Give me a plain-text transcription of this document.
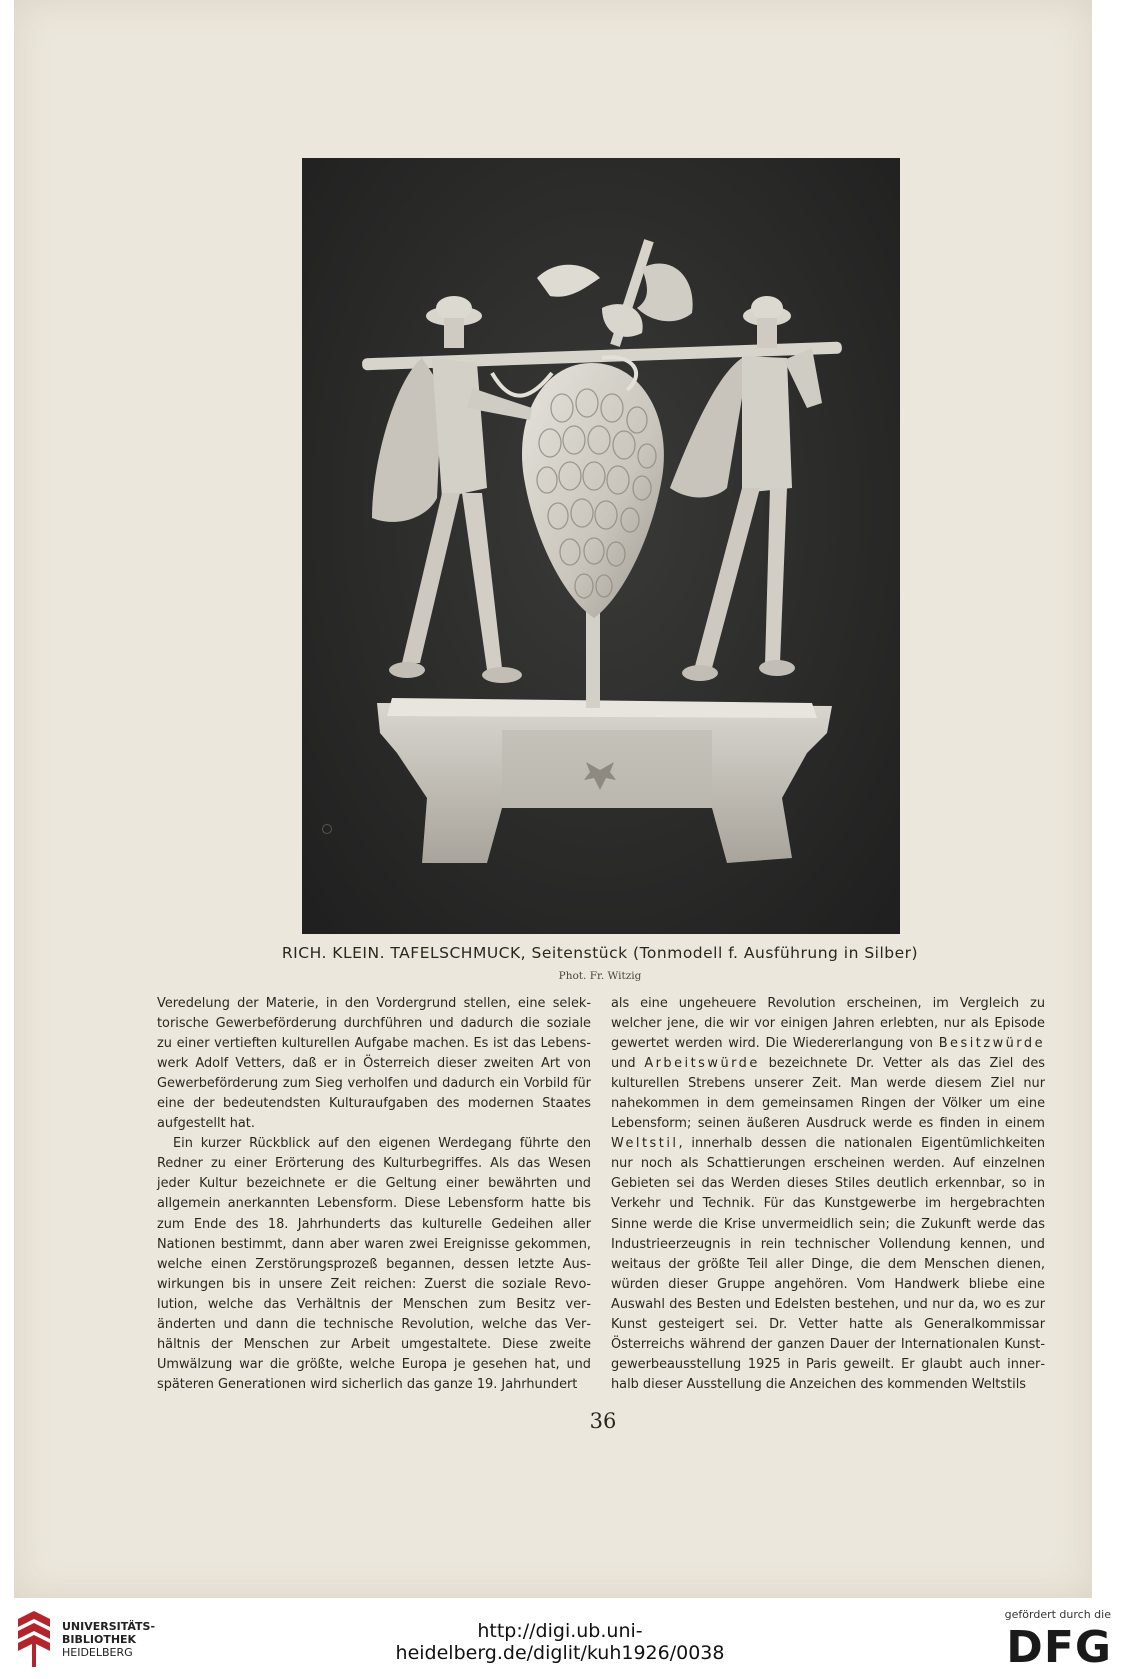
RICH. KLEIN. TAFELSCHMUCK, Seitenstück (Tonmodell f. Ausführung in Silber)
Phot. Fr. Witzig

Veredelung der Materie, in den Vordergrund stellen, eine selektorische Gewerbeförderung durchführen und dadurch die soziale zu einer vertieften kulturellen Aufgabe machen. Es ist das Lebenswerk Adolf Vetters, daß er in Österreich dieser zweiten Art von Gewerbeförderung zum Sieg verholfen und dadurch ein Vorbild für eine der bedeutendsten Kulturaufgaben des modernen Staates aufgestellt hat.

Ein kurzer Rückblick auf den eigenen Werdegang führte den Redner zu einer Erörterung des Kulturbegriffes. Als das Wesen jeder Kultur bezeichnete er die Geltung einer bewährten und allgemein anerkannten Lebensform. Diese Lebensform hatte bis zum Ende des 18. Jahrhunderts das kulturelle Gedeihen aller Nationen bestimmt, dann aber waren zwei Ereignisse gekommen, welche einen Zerstörungsprozeß begannen, dessen letzte Auswirkungen bis in unsere Zeit reichen: Zuerst die soziale Revolution, welche das Verhältnis der Menschen zum Besitz veränderten und dann die technische Revolution, welche das Verhältnis der Menschen zur Arbeit umgestaltete. Diese zweite Umwälzung war die größte, welche Europa je gesehen hat, und späteren Generationen wird sicherlich das ganze 19. Jahrhundert

als eine ungeheuere Revolution erscheinen, im Vergleich zu welcher jene, die wir vor einigen Jahren erlebten, nur als Episode gewertet werden wird. Die Wiedererlangung von Besitzwürde und Arbeitswürde bezeichnete Dr. Vetter als das Ziel des kulturellen Strebens unserer Zeit. Man werde diesem Ziel nur nahekommen in dem gemeinsamen Ringen der Völker um eine Lebensform; seinen äußeren Ausdruck werde es finden in einem Weltstil, innerhalb dessen die nationalen Eigentümlichkeiten nur noch als Schattierungen erscheinen werden. Auf einzelnen Gebieten sei das Werden dieses Stiles deutlich erkennbar, so in Verkehr und Technik. Für das Kunstgewerbe im hergebrachten Sinne werde die Krise unvermeidlich sein; die Zukunft werde das Industrieerzeugnis in rein technischer Vollendung kennen, und weitaus der größte Teil aller Dinge, die dem Menschen dienen, würden dieser Gruppe angehören. Vom Handwerk bliebe eine Auswahl des Besten und Edelsten bestehen, und nur da, wo es zur Kunst gesteigert sei. Dr. Vetter hatte als Generalkommissar Österreichs während der ganzen Dauer der Internationalen Kunstgewerbeausstellung 1925 in Paris geweilt. Er glaubt auch innerhalb dieser Ausstellung die Anzeichen des kommenden Weltstils

36
UNIVERSITÄTS-
BIBLIOTHEK
HEIDELBERG
http://digi.ub.uni-heidelberg.de/diglit/kuh1926/0038
gefördert durch die
DFG
